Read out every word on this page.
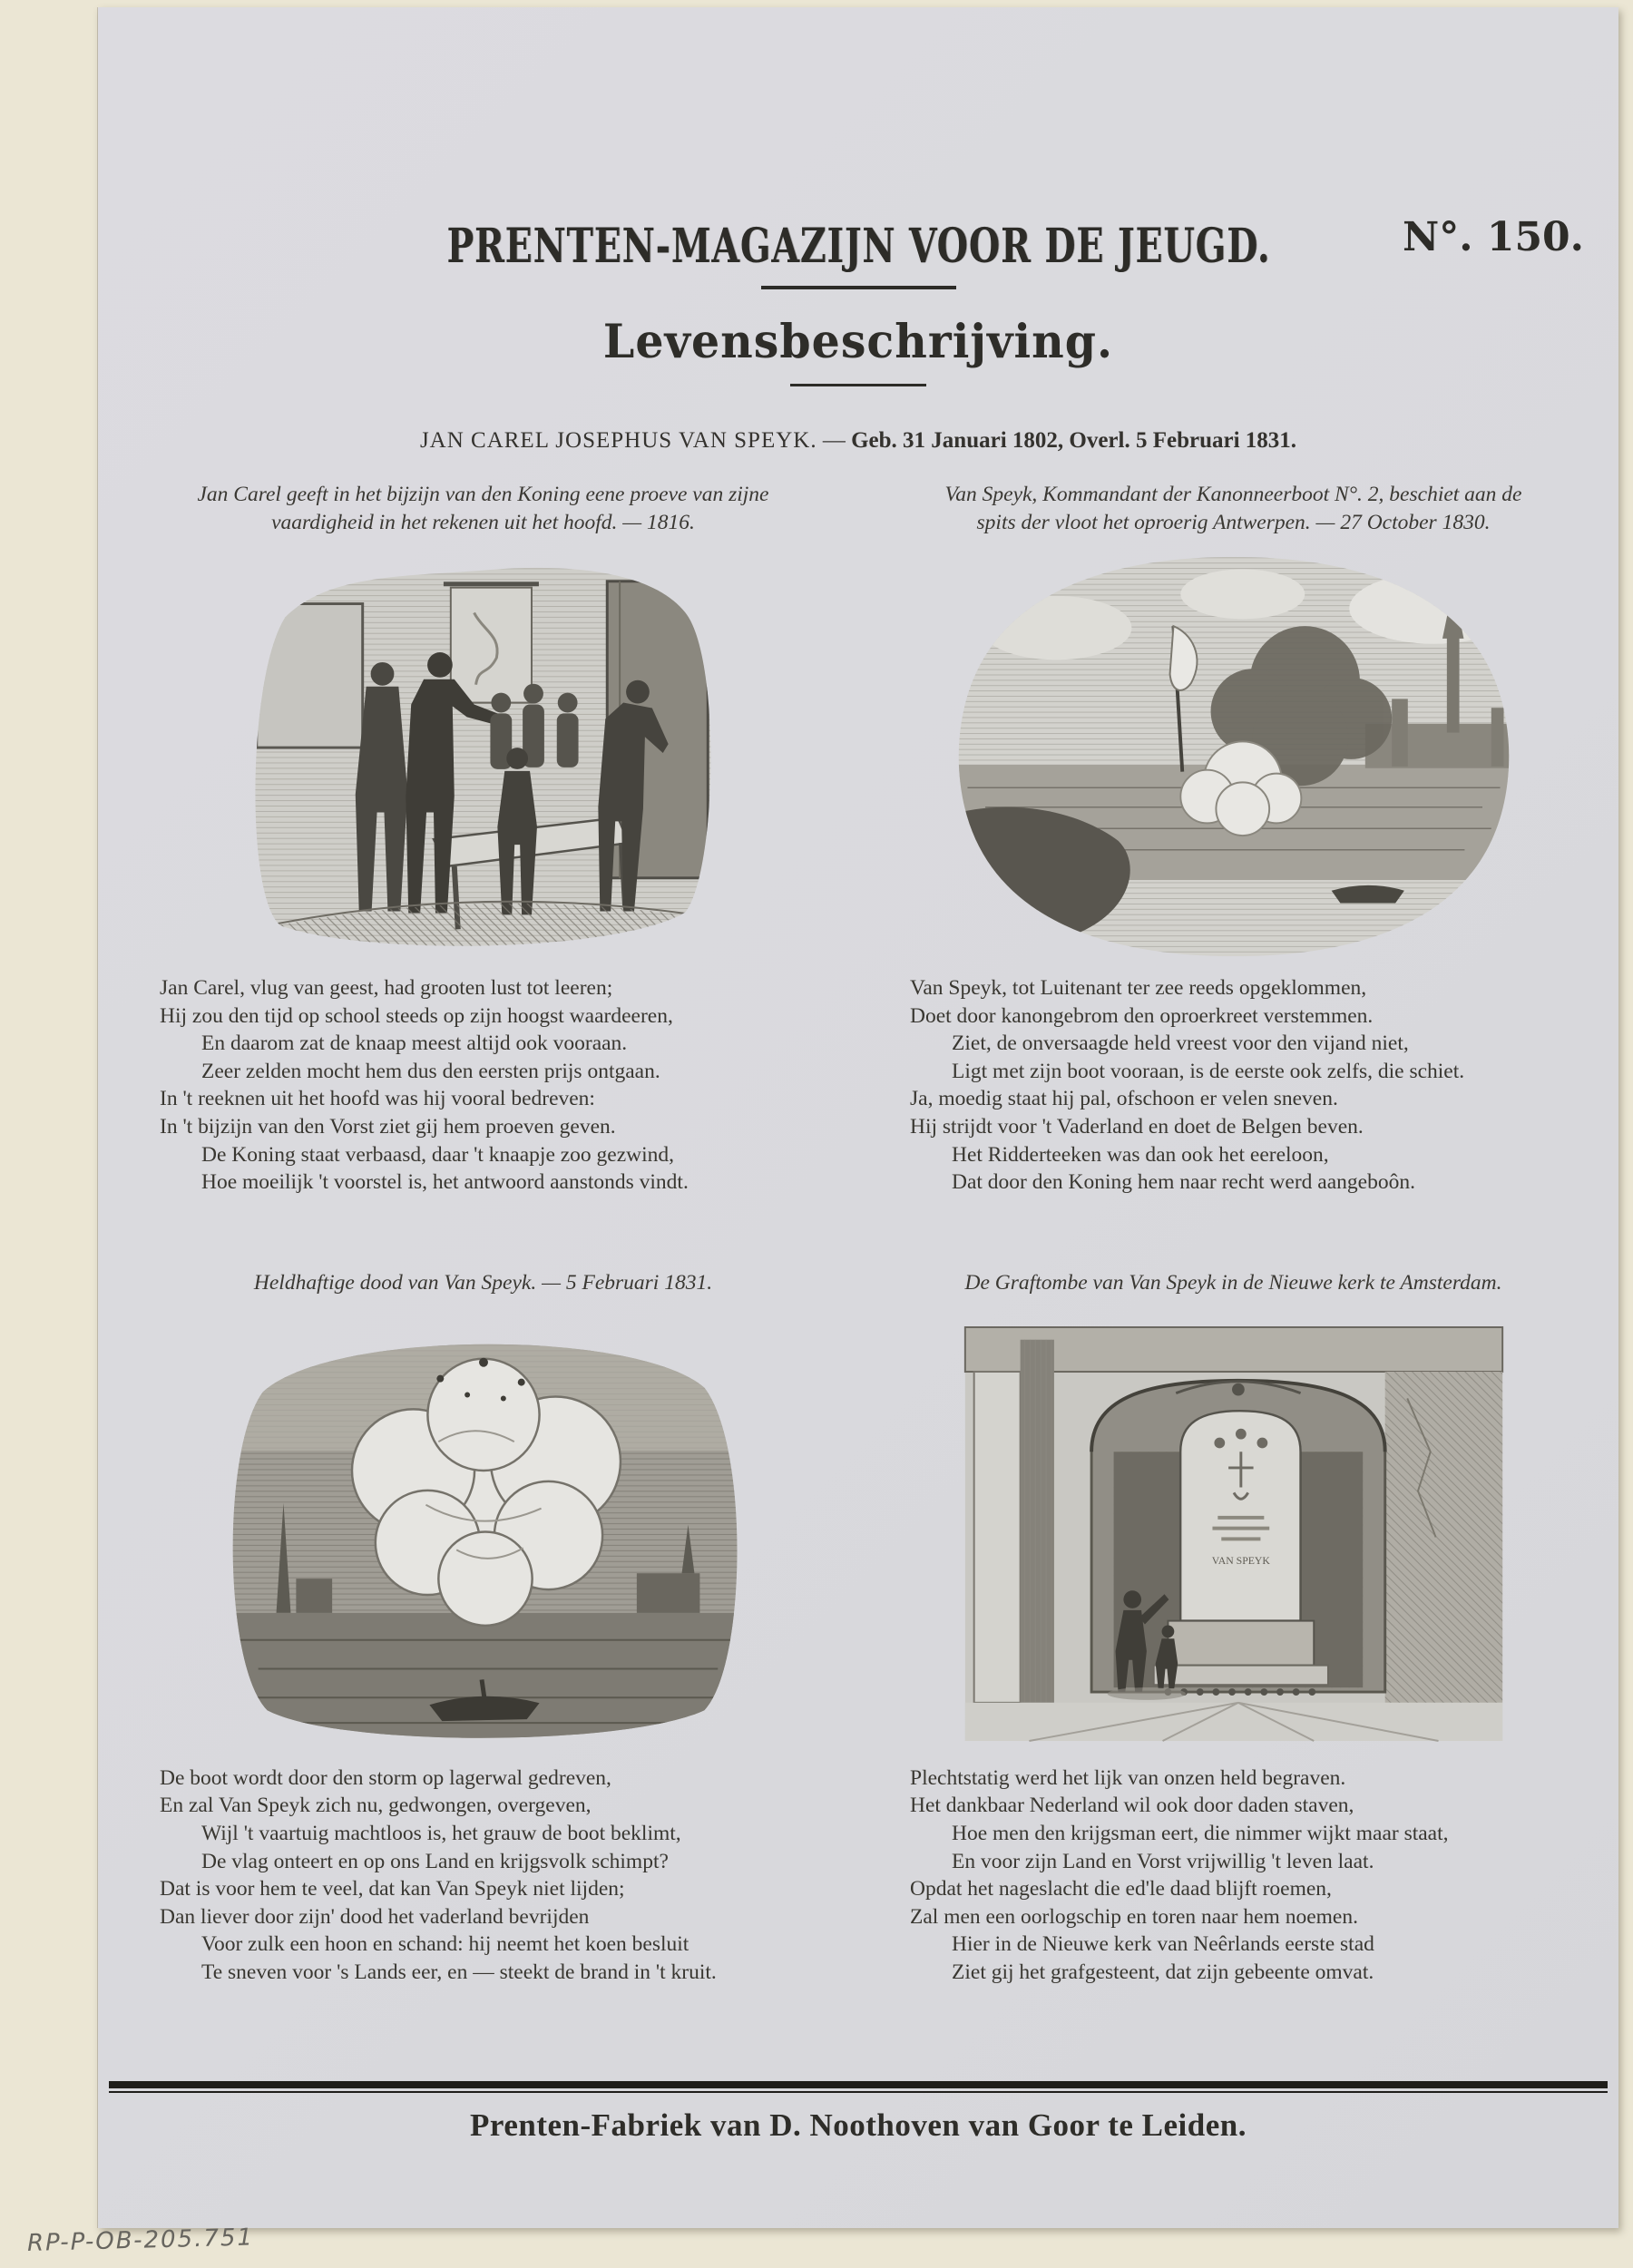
PRENTEN-MAGAZIJN VOOR DE JEUGD.	N°. 150.
Levensbeschrijving.

JAN CAREL JOSEPHUS VAN SPEYK. — Geb. 31 Januari 1802, Overl. 5 Februari 1831.

Jan Carel geeft in het bijzijn van den Koning eene proeve van zijne
vaardigheid in het rekenen uit het hoofd. — 1816.

Jan Carel, vlug van geest, had grooten lust tot leeren;
Hij zou den tijd op school steeds op zijn hoogst waardeeren,
En daarom zat de knaap meest altijd ook vooraan.
Zeer zelden mocht hem dus den eersten prijs ontgaan.
In 't reeknen uit het hoofd was hij vooral bedreven:
In 't bijzijn van den Vorst ziet gij hem proeven geven.
De Koning staat verbaasd, daar 't knaapje zoo gezwind,
Hoe moeilijk 't voorstel is, het antwoord aanstonds vindt.

Van Speyk, Kommandant der Kanonneerboot N°. 2, beschiet aan de
spits der vloot het oproerig Antwerpen. — 27 October 1830.

Van Speyk, tot Luitenant ter zee reeds opgeklommen,
Doet door kanongebrom den oproerkreet verstemmen.
Ziet, de onversaagde held vreest voor den vijand niet,
Ligt met zijn boot vooraan, is de eerste ook zelfs, die schiet.
Ja, moedig staat hij pal, ofschoon er velen sneven.
Hij strijdt voor 't Vaderland en doet de Belgen beven.
Het Ridderteeken was dan ook het eereloon,
Dat door den Koning hem naar recht werd aangeboôn.

Heldhaftige dood van Van Speyk. — 5 Februari 1831.

De boot wordt door den storm op lagerwal gedreven,
En zal Van Speyk zich nu, gedwongen, overgeven,
Wijl 't vaartuig machtloos is, het grauw de boot beklimt,
De vlag onteert en op ons Land en krijgsvolk schimpt?
Dat is voor hem te veel, dat kan Van Speyk niet lijden;
Dan liever door zijn' dood het vaderland bevrijden
Voor zulk een hoon en schand: hij neemt het koen besluit
Te sneven voor 's Lands eer, en — steekt de brand in 't kruit.

De Graftombe van Van Speyk in de Nieuwe kerk te Amsterdam.

VAN SPEYK
Plechtstatig werd het lijk van onzen held begraven.
Het dankbaar Nederland wil ook door daden staven,
Hoe men den krijgsman eert, die nimmer wijkt maar staat,
En voor zijn Land en Vorst vrijwillig 't leven laat.
Opdat het nageslacht die ed'le daad blijft roemen,
Zal men een oorlogschip en toren naar hem noemen.
Hier in de Nieuwe kerk van Neêrlands eerste stad
Ziet gij het grafgesteent, dat zijn gebeente omvat.

Prenten-Fabriek van D. Noothoven van Goor te Leiden.

RP-P-OB-205.751
